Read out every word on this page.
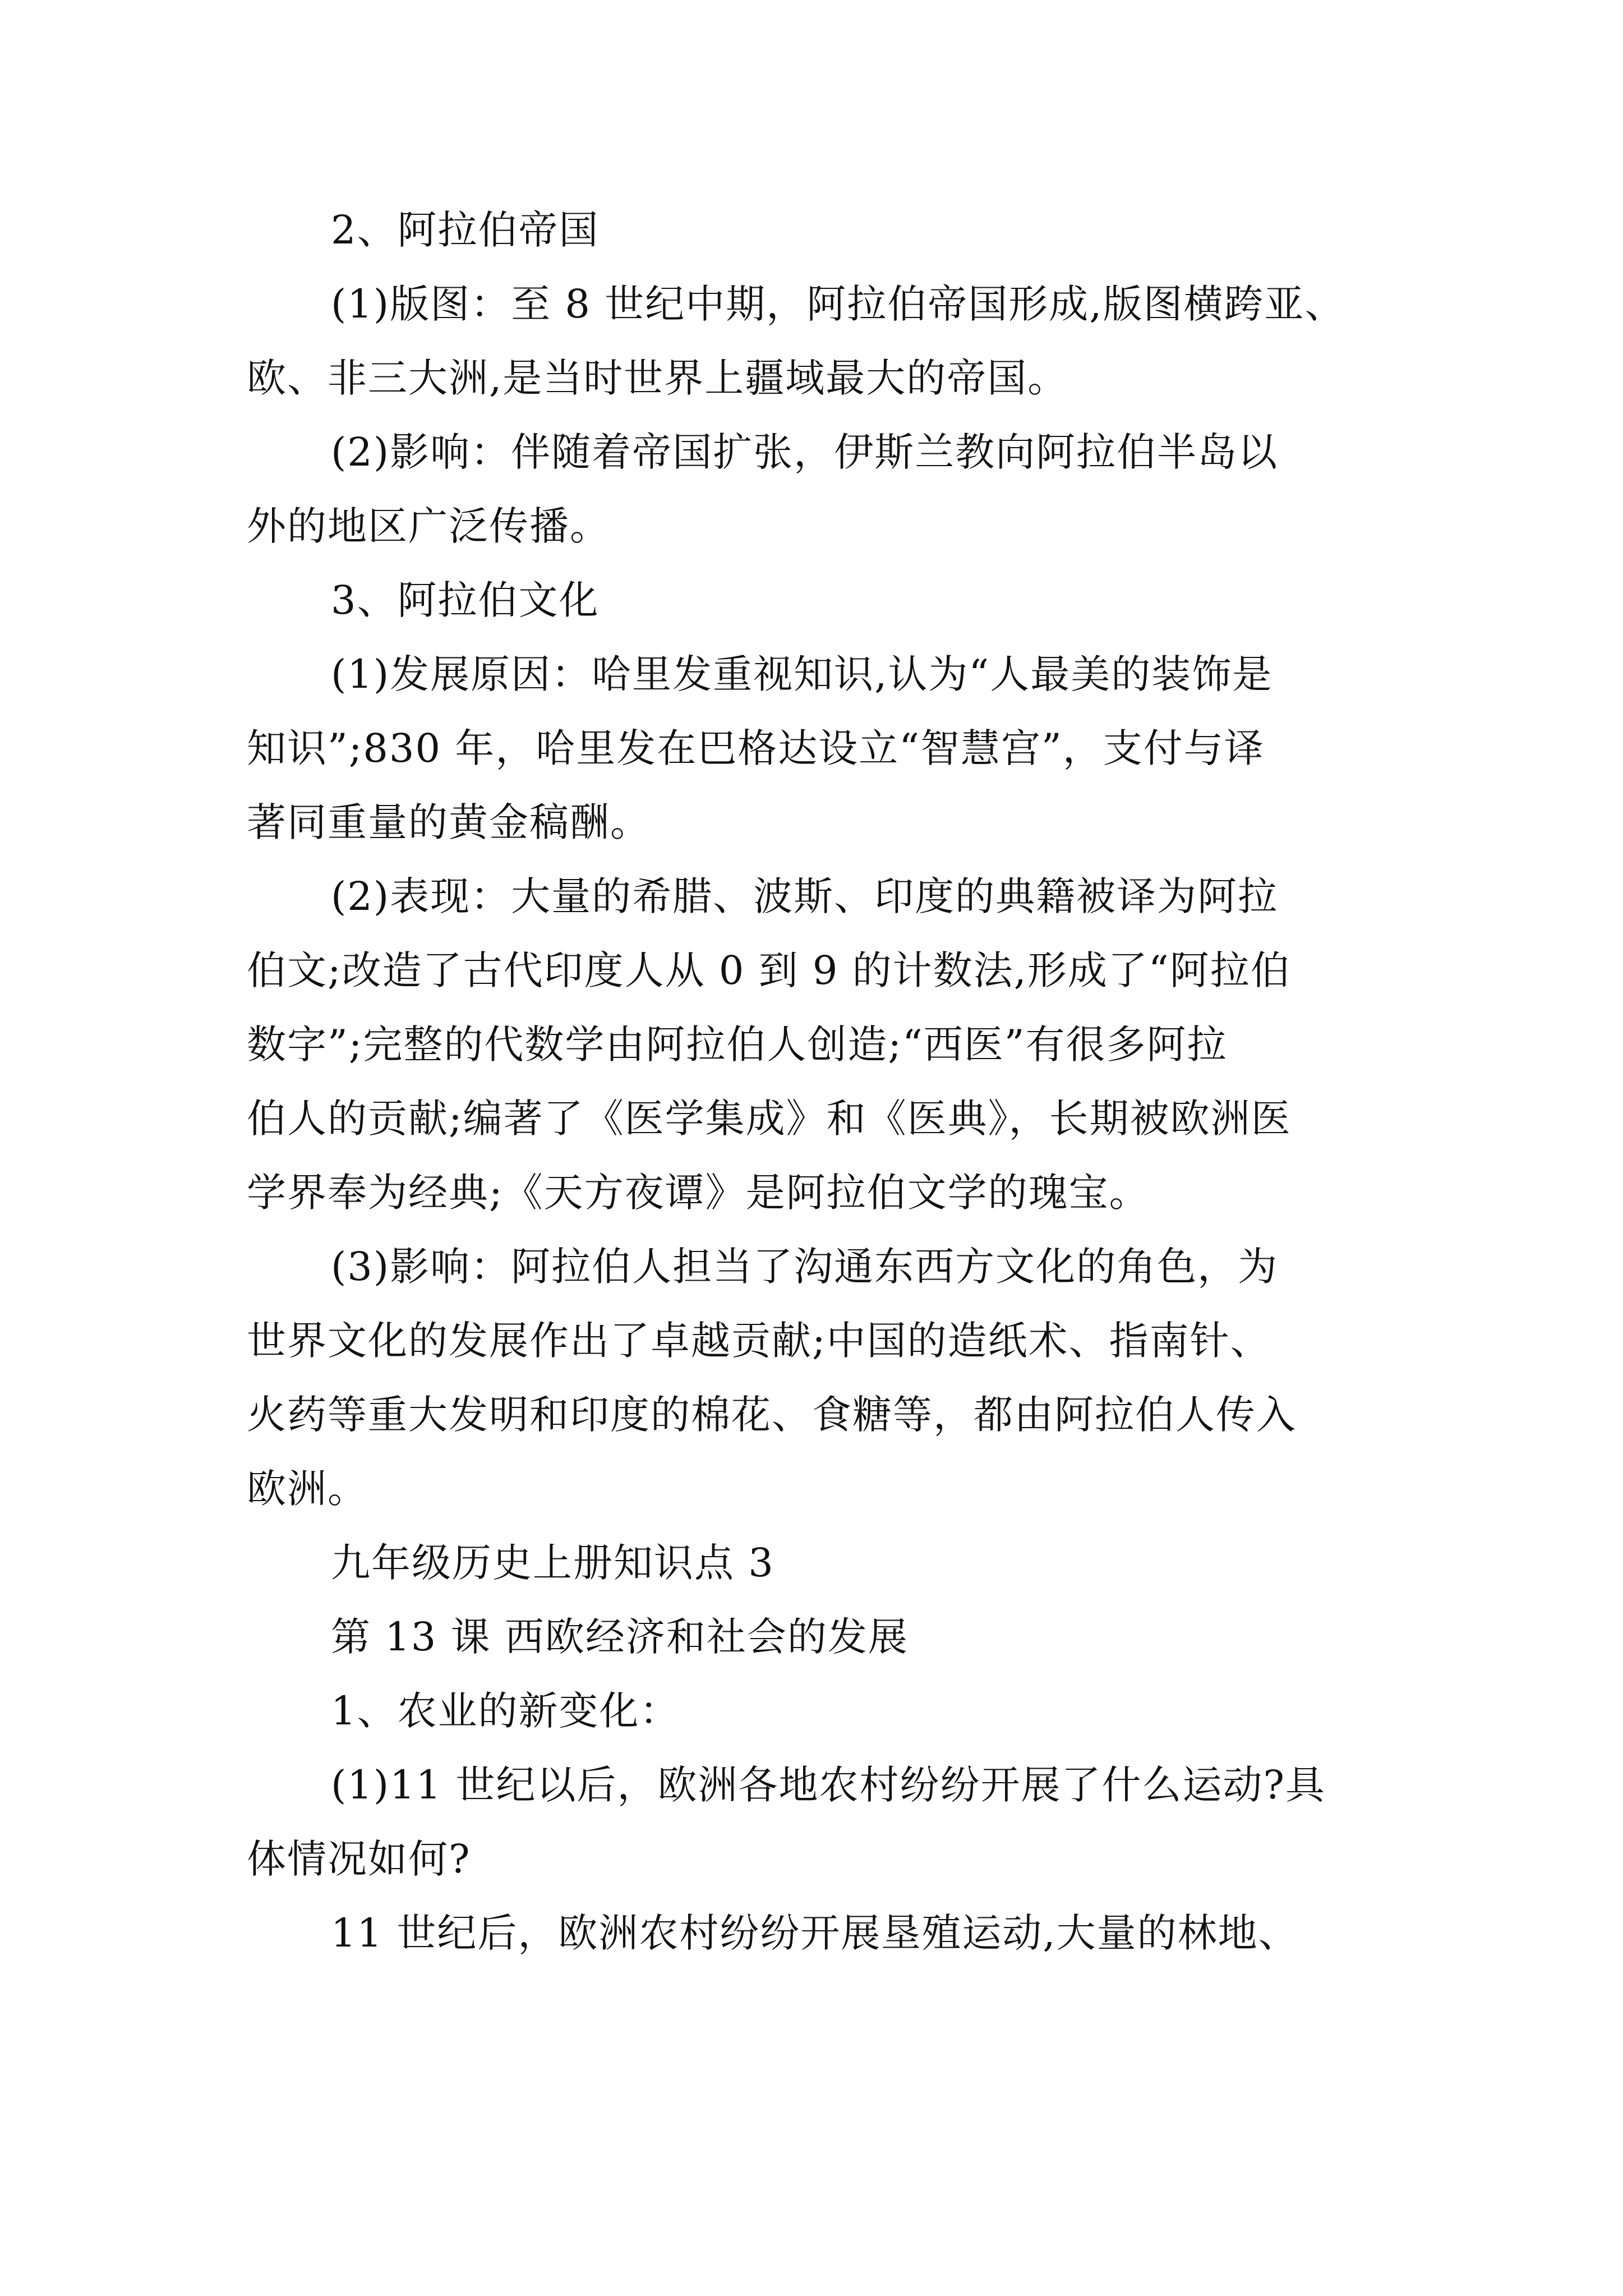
2、阿拉伯帝国
(1)版图：至 8 世纪中期，阿拉伯帝国形成,版图横跨亚、
欧、非三大洲,是当时世界上疆域最大的帝国。
(2)影响：伴随着帝国扩张，伊斯兰教向阿拉伯半岛以
外的地区广泛传播。
3、阿拉伯文化
(1)发展原因：哈里发重视知识,认为“人最美的装饰是
知识”;830 年，哈里发在巴格达设立“智慧宫”，支付与译
著同重量的黄金稿酬。
(2)表现：大量的希腊、波斯、印度的典籍被译为阿拉
伯文;改造了古代印度人从 0 到 9 的计数法,形成了“阿拉伯
数字”;完整的代数学由阿拉伯人创造;“西医”有很多阿拉
伯人的贡献;编著了《医学集成》和《医典》，长期被欧洲医
学界奉为经典;《天方夜谭》是阿拉伯文学的瑰宝。
(3)影响：阿拉伯人担当了沟通东西方文化的角色，为
世界文化的发展作出了卓越贡献;中国的造纸术、指南针、
火药等重大发明和印度的棉花、食糖等，都由阿拉伯人传入
欧洲。
九年级历史上册知识点 3
第 13 课 西欧经济和社会的发展
1、农业的新变化：
(1)11 世纪以后，欧洲各地农村纷纷开展了什么运动?具
体情况如何?
11 世纪后，欧洲农村纷纷开展垦殖运动,大量的林地、
